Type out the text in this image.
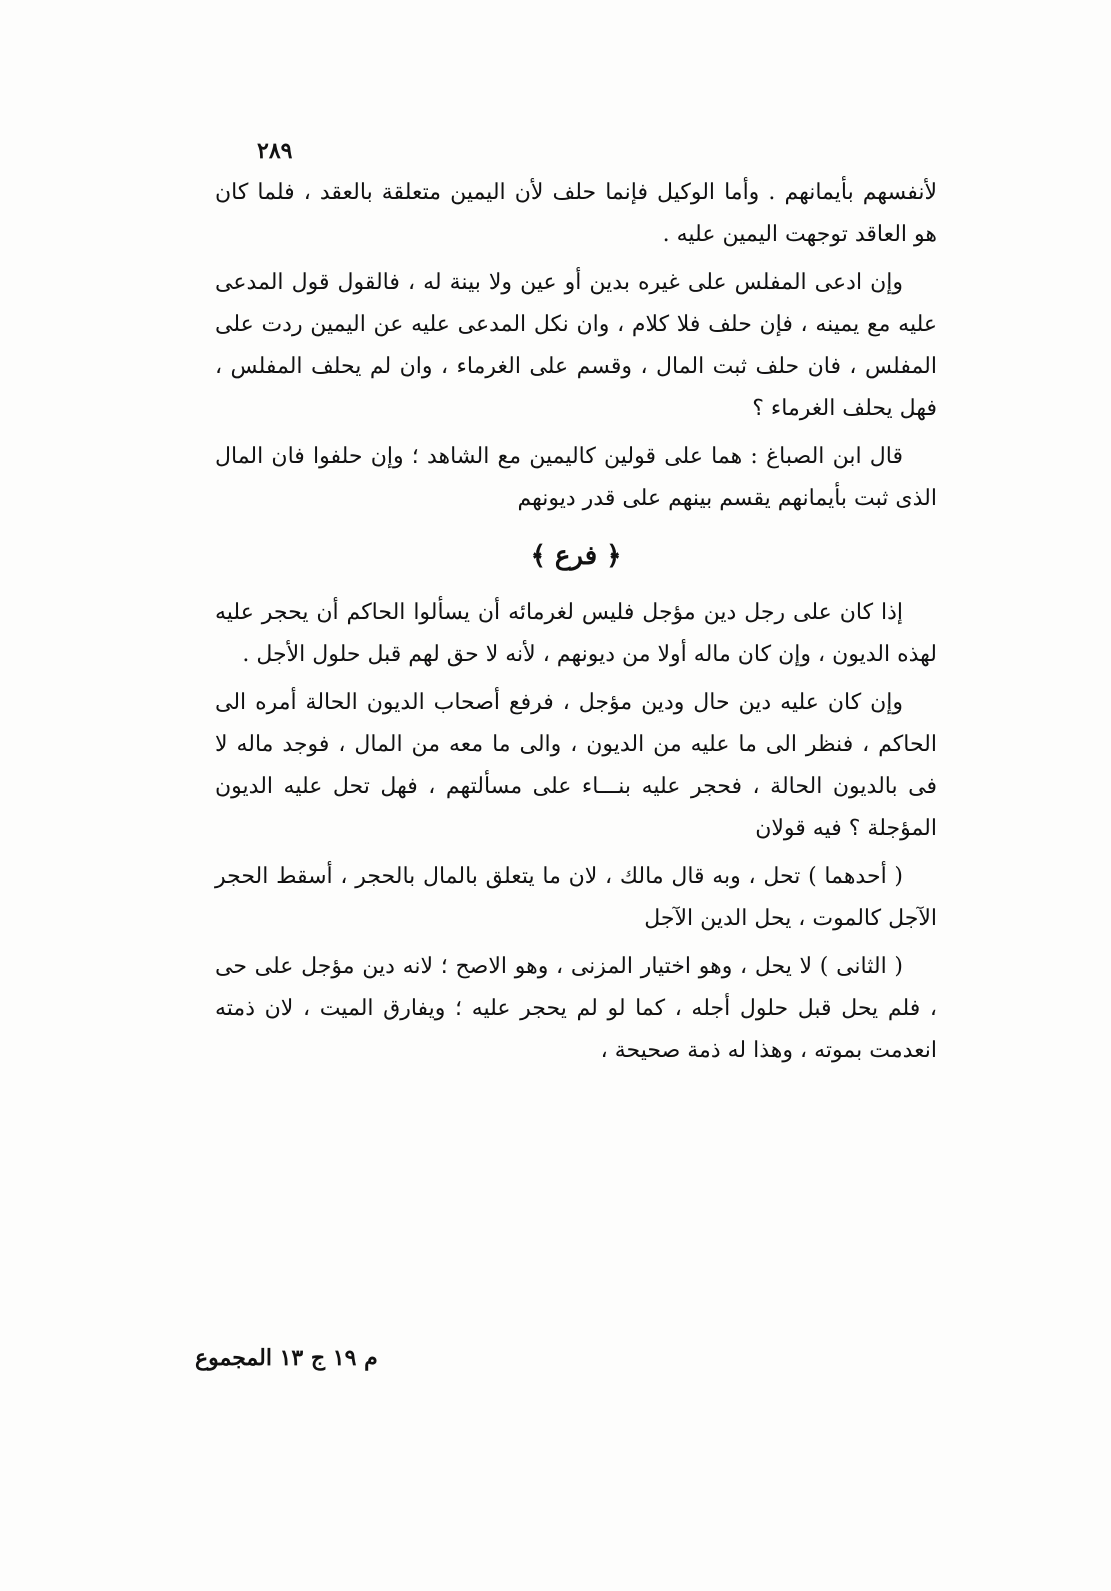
٢٨٩

لأنفسهم بأيمانهم . وأما الوكيل فإنما حلف لأن اليمين متعلقة بالعقد ، فلما كان هو العاقد توجهت اليمين عليه .

وإن ادعى المفلس على غيره بدين أو عين ولا بينة له ، فالقول قول المدعى عليه مع يمينه ، فإن حلف فلا كلام ، وان نكل المدعى عليه عن اليمين ردت على المفلس ، فان حلف ثبت المال ، وقسم على الغرماء ، وان لم يحلف المفلس ، فهل يحلف الغرماء ؟

قال ابن الصباغ : هما على قولين كاليمين مع الشاهد ؛ وإن حلفوا فان المال الذى ثبت بأيمانهم يقسم بينهم على قدر ديونهم

﴿ فرع ﴾

إذا كان على رجل دين مؤجل فليس لغرمائه أن يسألوا الحاكم أن يحجر عليه لهذه الديون ، وإن كان ماله أولا من ديونهم ، لأنه لا حق لهم قبل حلول الأجل .

وإن كان عليه دين حال ودين مؤجل ، فرفع أصحاب الديون الحالة أمره الى الحاكم ، فنظر الى ما عليه من الديون ، والى ما معه من المال ، فوجد ماله لا فى بالديون الحالة ، فحجر عليه بنـــاء على مسألتهم ، فهل تحل عليه الديون المؤجلة ؟ فيه قولان

( أحدهما ) تحل ، وبه قال مالك ، لان ما يتعلق بالمال بالحجر ، أسقط الحجر الآجل كالموت ، يحل الدين الآجل

( الثانى ) لا يحل ، وهو اختيار المزنى ، وهو الاصح ؛ لانه دين مؤجل على حى ، فلم يحل قبل حلول أجله ، كما لو لم يحجر عليه ؛ ويفارق الميت ، لان ذمته انعدمت بموته ، وهذا له ذمة صحيحة ،

م ١٩ ج ١٣ المجموع
